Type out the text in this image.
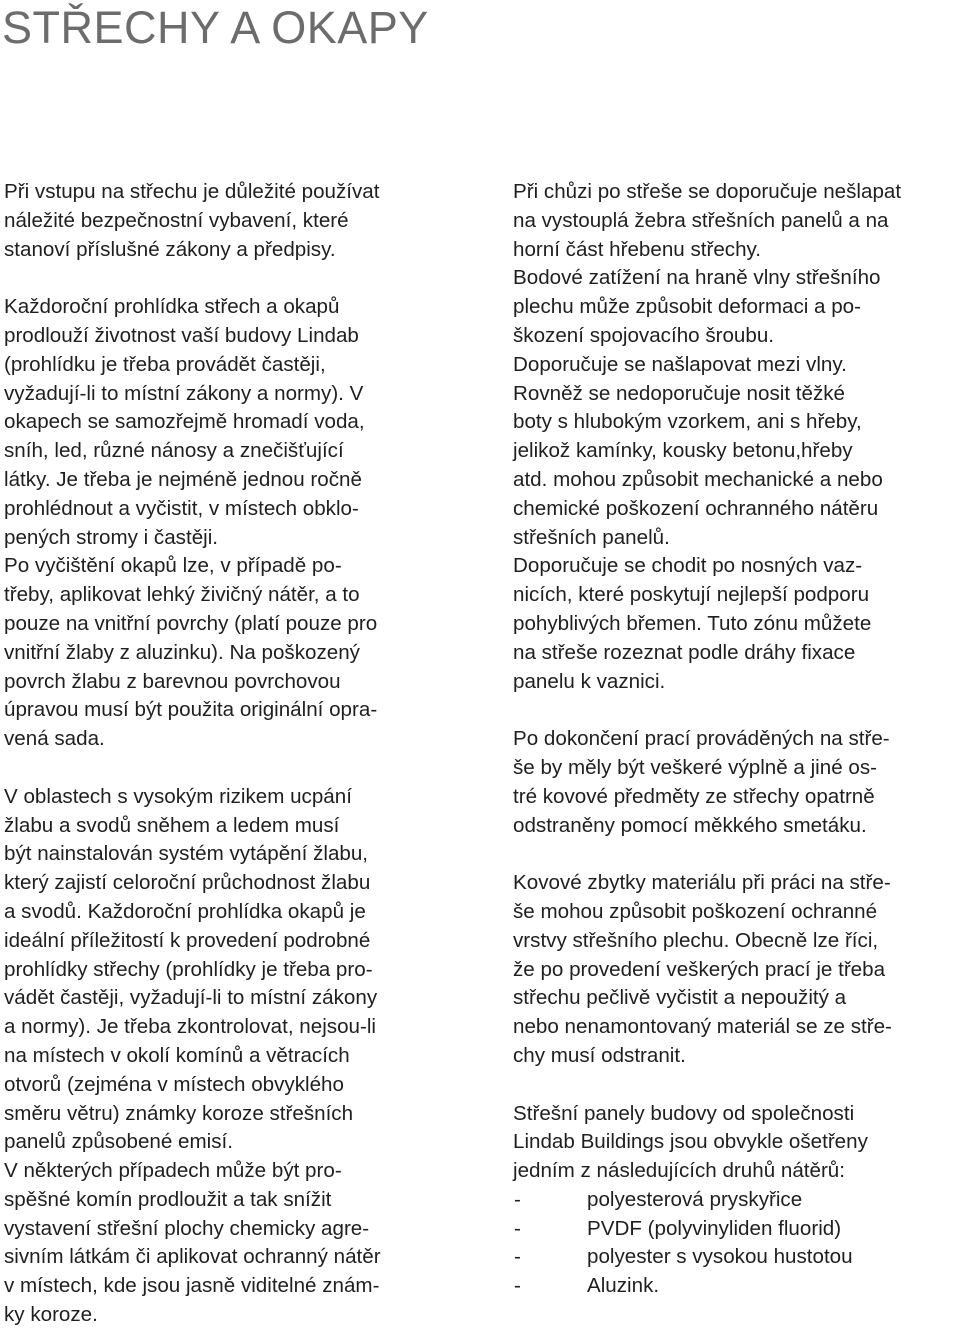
STŘECHY A OKAPY
Při vstupu na střechu je důležité používat
náležité bezpečnostní vybavení, které
stanoví příslušné zákony a předpisy.
Každoroční prohlídka střech a okapů
prodlouží životnost vaší budovy Lindab
(prohlídku je třeba provádět častěji,
vyžadují-li to místní zákony a normy). V
okapech se samozřejmě hromadí voda,
sníh, led, různé nánosy a znečišťující
látky. Je třeba je nejméně jednou ročně
prohlédnout a vyčistit, v místech obklo-
pených stromy i častěji.
Po vyčištění okapů lze, v případě po-
třeby, aplikovat lehký živičný nátěr, a to
pouze na vnitřní povrchy (platí pouze pro
vnitřní žlaby z aluzinku). Na poškozený
povrch žlabu z barevnou povrchovou
úpravou musí být použita originální opra-
vená sada.
V oblastech s vysokým rizikem ucpání
žlabu a svodů sněhem a ledem musí
být nainstalován systém vytápění žlabu,
který zajistí celoroční průchodnost žlabu
a svodů. Každoroční prohlídka okapů je
ideální příležitostí k provedení podrobné
prohlídky střechy (prohlídky je třeba pro-
vádět častěji, vyžadují-li to místní zákony
a normy). Je třeba zkontrolovat, nejsou-li
na místech v okolí komínů a větracích
otvorů (zejména v místech obvyklého
směru větru) známky koroze střešních
panelů způsobené emisí.
V některých případech může být pro-
spěšné komín prodloužit a tak snížit
vystavení střešní plochy chemicky agre-
sivním látkám či aplikovat ochranný nátěr
v místech, kde jsou jasně viditelné znám-
ky koroze.
Při chůzi po střeše se doporučuje nešlapat
na vystouplá žebra střešních panelů a na
horní část hřebenu střechy.
Bodové zatížení na hraně vlny střešního
plechu může způsobit deformaci a po-
škození spojovacího šroubu.
Doporučuje se našlapovat mezi vlny.
Rovněž se nedoporučuje nosit těžké
boty s hlubokým vzorkem, ani s hřeby,
jelikož kamínky, kousky betonu,hřeby
atd. mohou způsobit mechanické a nebo
chemické poškození ochranného nátěru
střešních panelů.
Doporučuje se chodit po nosných vaz-
nicích, které poskytují nejlepší podporu
pohyblivých břemen. Tuto zónu můžete
na střeše rozeznat podle dráhy fixace
panelu k vaznici.
Po dokončení prací prováděných na stře-
še by měly být veškeré výplně a jiné os-
tré kovové předměty ze střechy opatrně
odstraněny pomocí měkkého smetáku.
Kovové zbytky materiálu při práci na stře-
še mohou způsobit poškození ochranné
vrstvy střešního plechu. Obecně lze říci,
že po provedení veškerých prací je třeba
střechu pečlivě vyčistit a nepoužitý a
nebo nenamontovaný materiál se ze stře-
chy musí odstranit.
Střešní panely budovy od společnosti
Lindab Buildings jsou obvykle ošetřeny
jedním z následujících druhů nátěrů:
-	polyesterová pryskyřice
-	PVDF (polyvinyliden fluorid)
-	polyester s vysokou hustotou
-	Aluzink.
